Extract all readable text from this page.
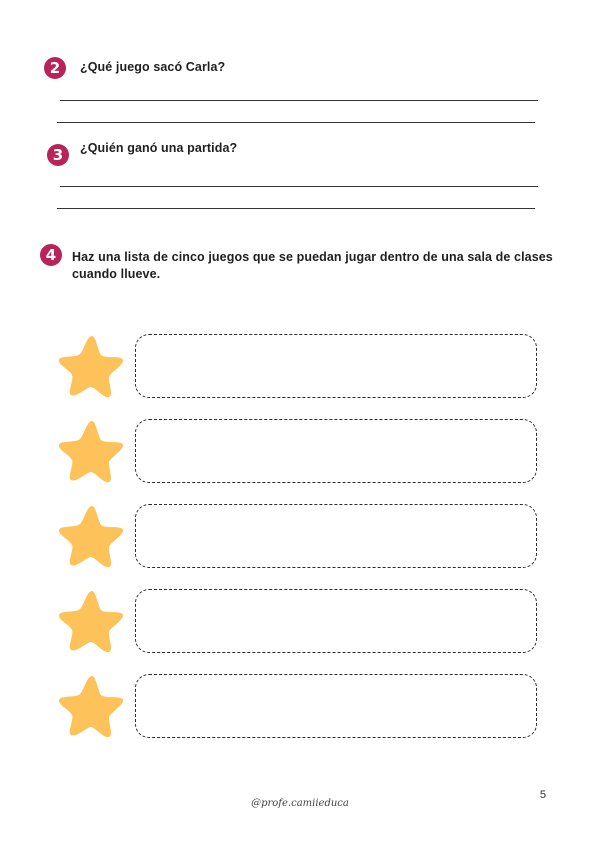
2	¿Qué juego sacó Carla?
3	¿Quién ganó una partida?
4	Haz una lista de cinco juegos que se puedan jugar dentro de una sala de clases cuando llueve.
5
@profe.camiieduca
